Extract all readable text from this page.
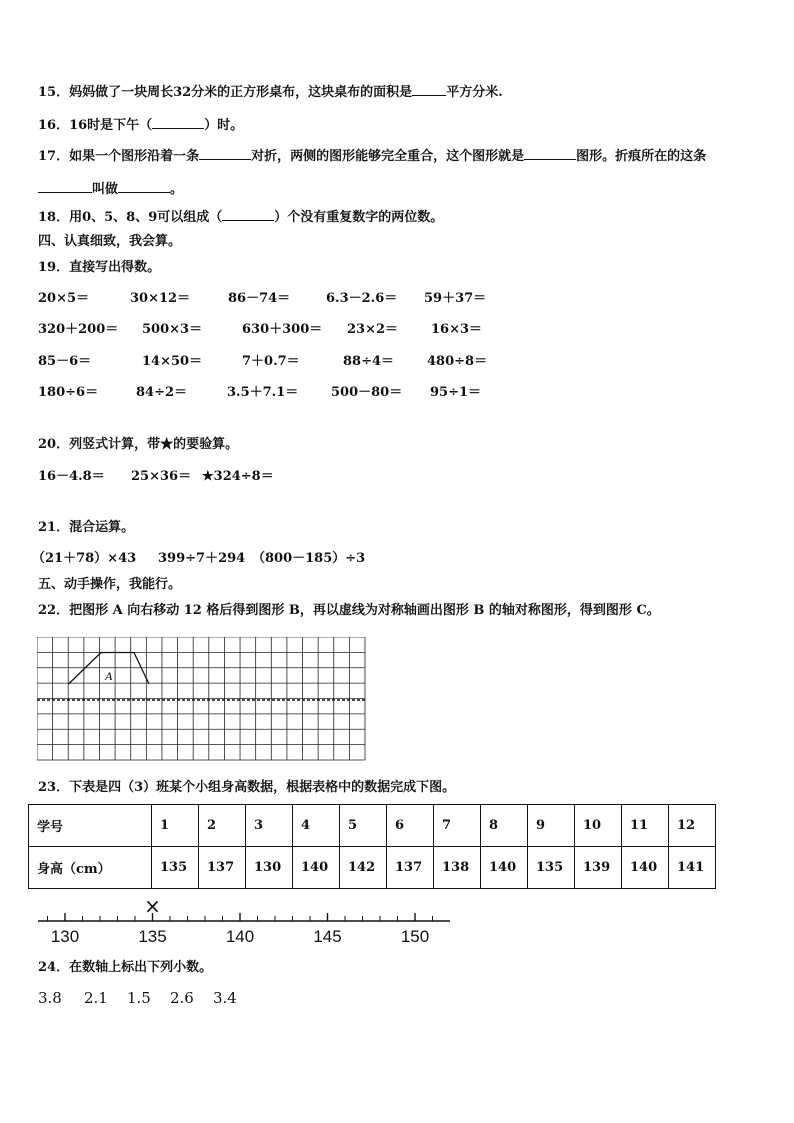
15．妈妈做了一块周长32分米的正方形桌布，这块桌布的面积是	平方分米.
16．16时是下午（	）时。
17．如果一个图形沿着一条	对折，两侧的图形能够完全重合，这个图形就是	图形。折痕所在的这条
叫做	。
18．用0、5、8、9可以组成（	）个没有重复数字的两位数。
四、认真细致，我会算。
19．直接写出得数。
20×5＝	30×12＝	86－74＝	6.3－2.6＝ 59＋37＝
320＋200＝ 500×3＝	630＋300＝ 23×2＝	16×3＝
85－6＝	14×50＝	7＋0.7＝	88÷4＝	480÷8＝
180÷6＝	84÷2＝	3.5＋7.1＝	500－80＝ 95÷1＝
20．列竖式计算，带★的要验算。
16－4.8＝ 25×36＝ ★324÷8＝
21．混合运算。
（21＋78）×43 399÷7＋294 （800－185）÷3
五、动手操作，我能行。
22．把图形 A 向右移动 12 格后得到图形 B，再以虚线为对称轴画出图形 B 的轴对称图形，得到图形 C。
A
23．下表是四（3）班某个小组身高数据，根据表格中的数据完成下图。
学号	1	2	3	4	5	6	7	8	9	10	11	12
身高（cm）	135	137	130	140	142	137	138	140	135	139	140	141
130	135	140	145	150
×
24．在数轴上标出下列小数。
3.8 2.1 1.5 2.6 3.4
